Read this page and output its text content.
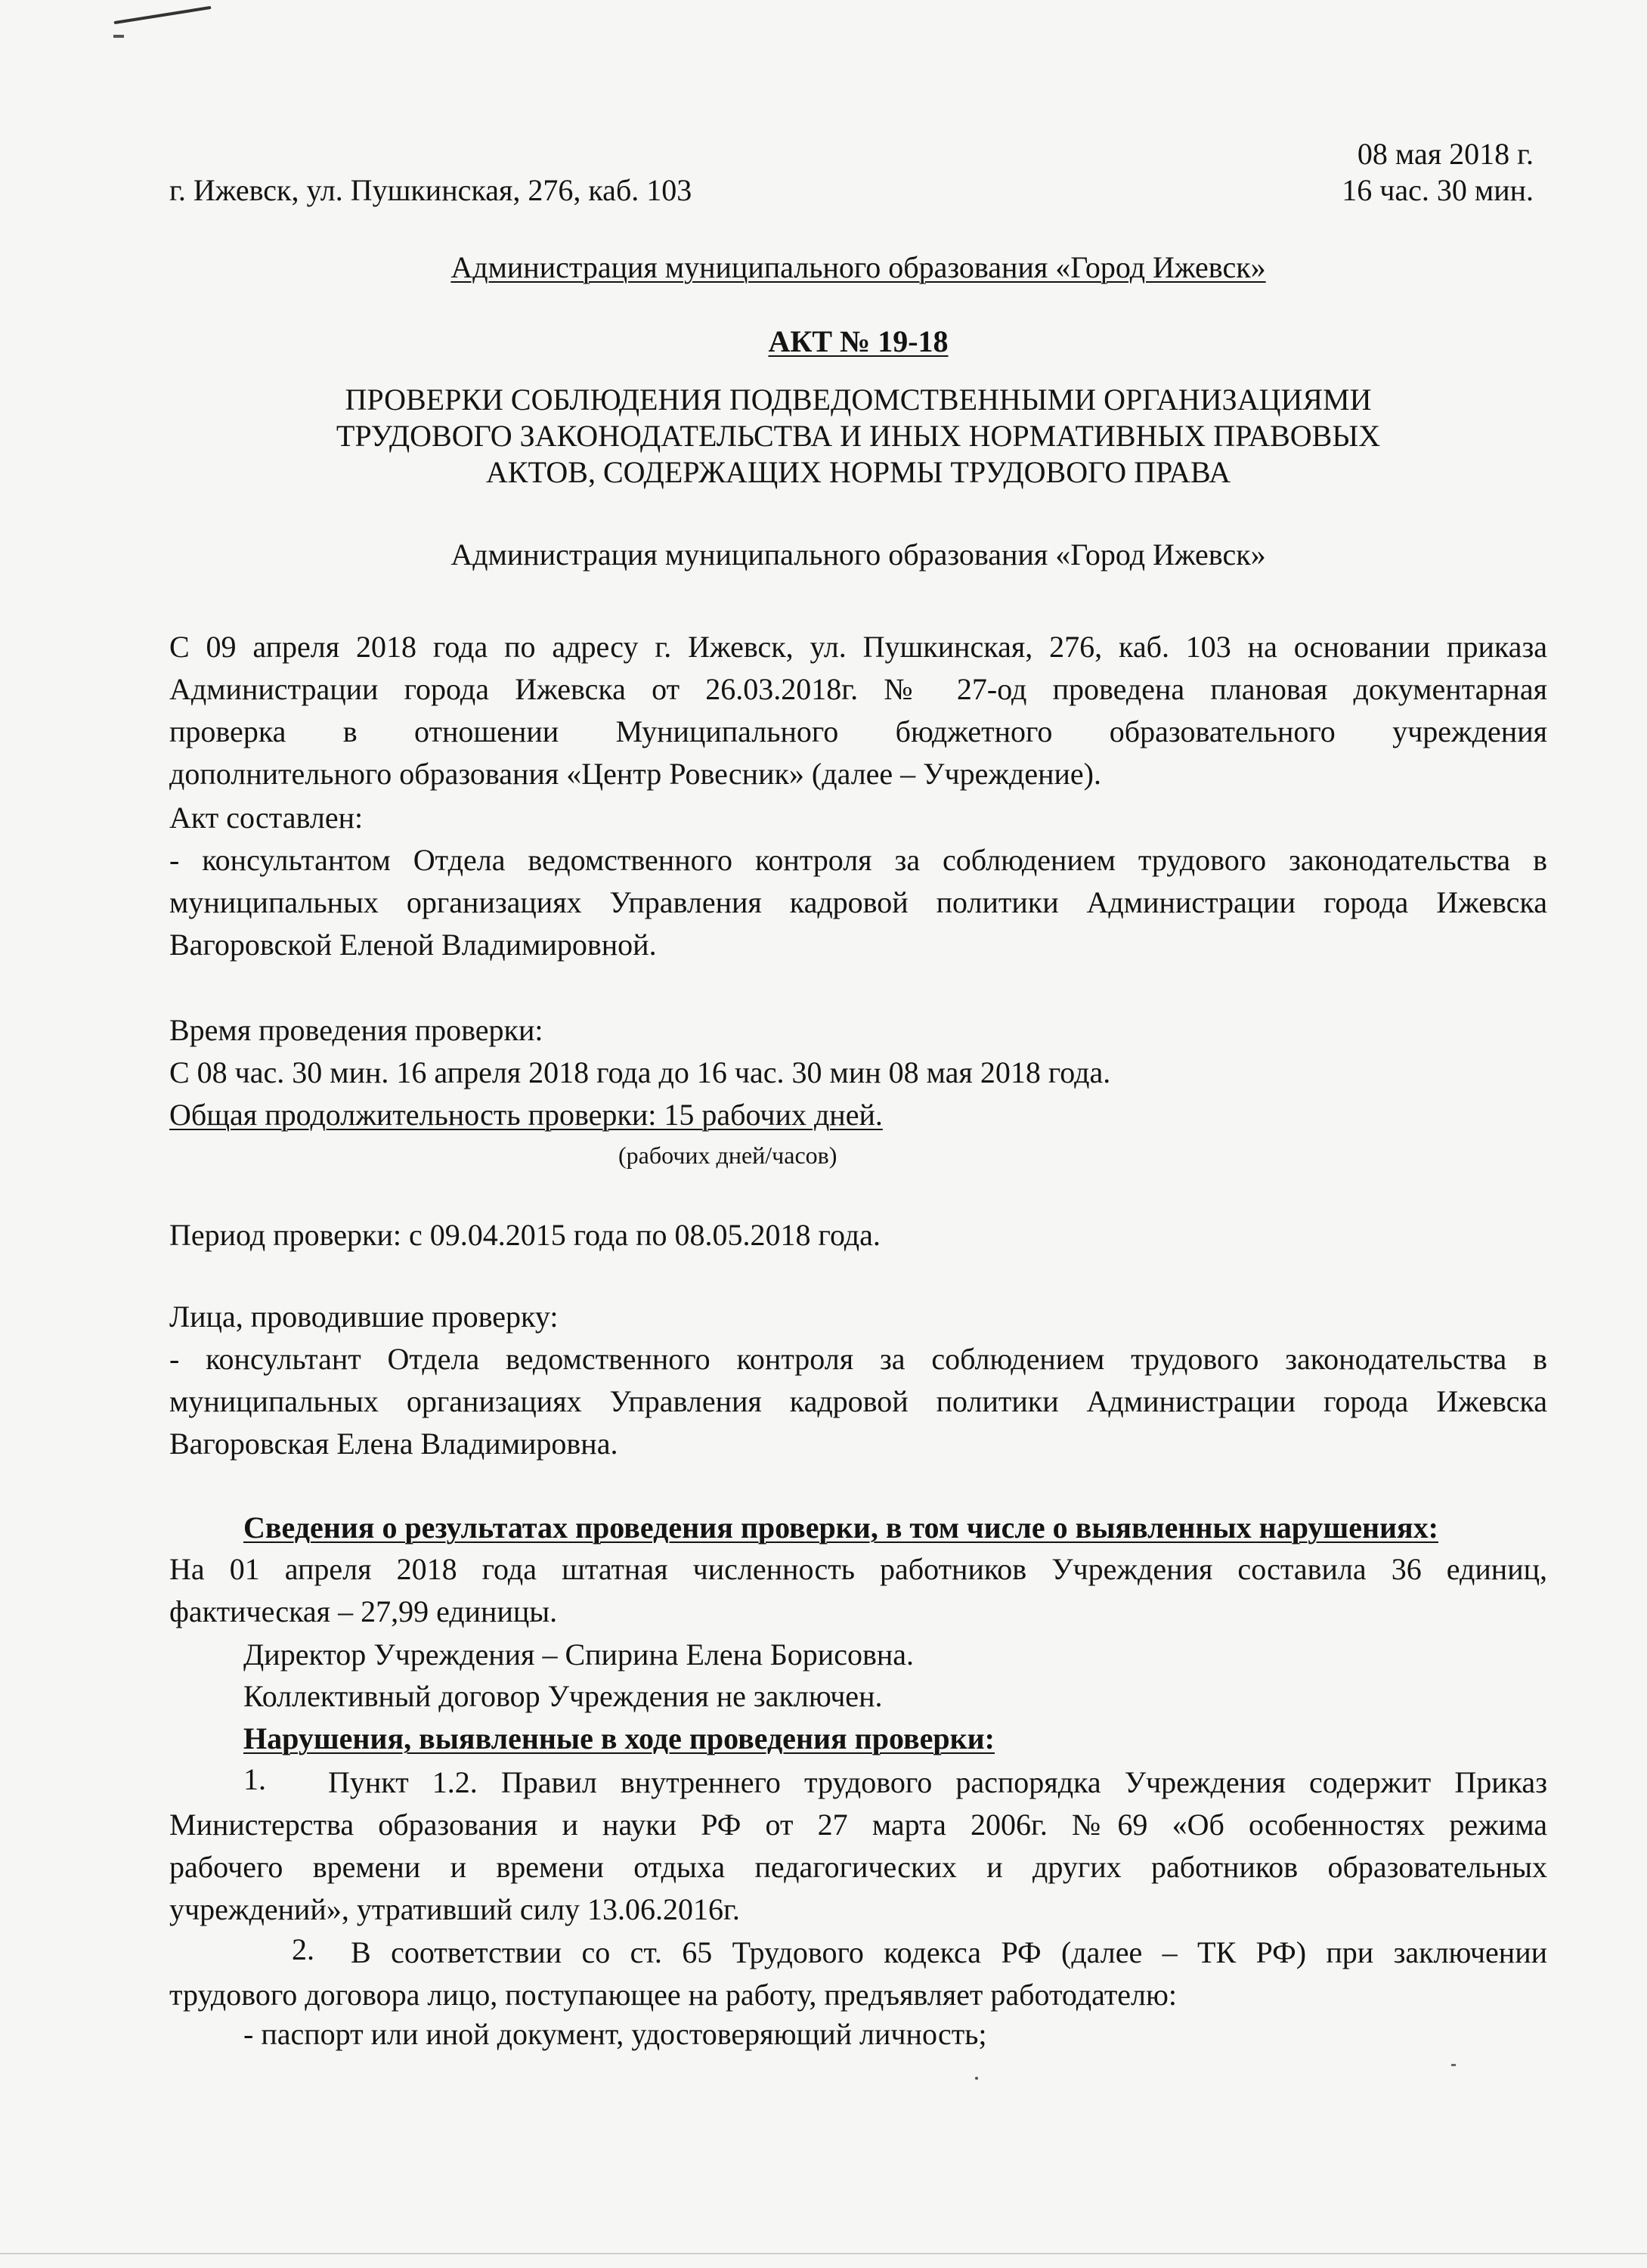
08 мая 2018 г.
г. Ижевск, ул. Пушкинская, 276, каб. 103	16 час. 30 мин.
Администрация муниципального образования «Город Ижевск»
АКТ № 19-18
ПРОВЕРКИ СОБЛЮДЕНИЯ ПОДВЕДОМСТВЕННЫМИ ОРГАНИЗАЦИЯМИ
ТРУДОВОГО ЗАКОНОДАТЕЛЬСТВА И ИНЫХ НОРМАТИВНЫХ ПРАВОВЫХ
АКТОВ, СОДЕРЖАЩИХ НОРМЫ ТРУДОВОГО ПРАВА
Администрация муниципального образования «Город Ижевск»
С 09 апреля 2018 года по адресу г. Ижевск, ул. Пушкинская, 276, каб. 103 на основании приказа
Администрации города Ижевска от 26.03.2018г. № 27-од проведена плановая документарная
проверка в отношении Муниципального бюджетного образовательного учреждения
дополнительного образования «Центр Ровесник» (далее – Учреждение).
Акт составлен:
- консультантом Отдела ведомственного контроля за соблюдением трудового законодательства в
муниципальных организациях Управления кадровой политики Администрации города Ижевска
Вагоровской Еленой Владимировной.
Время проведения проверки:
С 08 час. 30 мин. 16 апреля 2018 года до 16 час. 30 мин 08 мая 2018 года.
Общая продолжительность проверки: 15 рабочих дней.
(рабочих дней/часов)
Период проверки: с 09.04.2015 года по 08.05.2018 года.
Лица, проводившие проверку:
- консультант Отдела ведомственного контроля за соблюдением трудового законодательства в
муниципальных организациях Управления кадровой политики Администрации города Ижевска
Вагоровская Елена Владимировна.
Сведения о результатах проведения проверки, в том числе о выявленных нарушениях:
На 01 апреля 2018 года штатная численность работников Учреждения составила 36 единиц,
фактическая – 27,99 единицы.
Директор Учреждения – Спирина Елена Борисовна.
Коллективный договор Учреждения не заключен.
Нарушения, выявленные в ходе проведения проверки:
1. Пункт 1.2. Правил внутреннего трудового распорядка Учреждения содержит Приказ
Министерства образования и науки РФ от 27 марта 2006г. №69 «Об особенностях режима
рабочего времени и времени отдыха педагогических и других работников образовательных
учреждений», утративший силу 13.06.2016г.
2. В соответствии со ст. 65 Трудового кодекса РФ (далее – ТК РФ) при заключении
трудового договора лицо, поступающее на работу, предъявляет работодателю:
- паспорт или иной документ, удостоверяющий личность;
